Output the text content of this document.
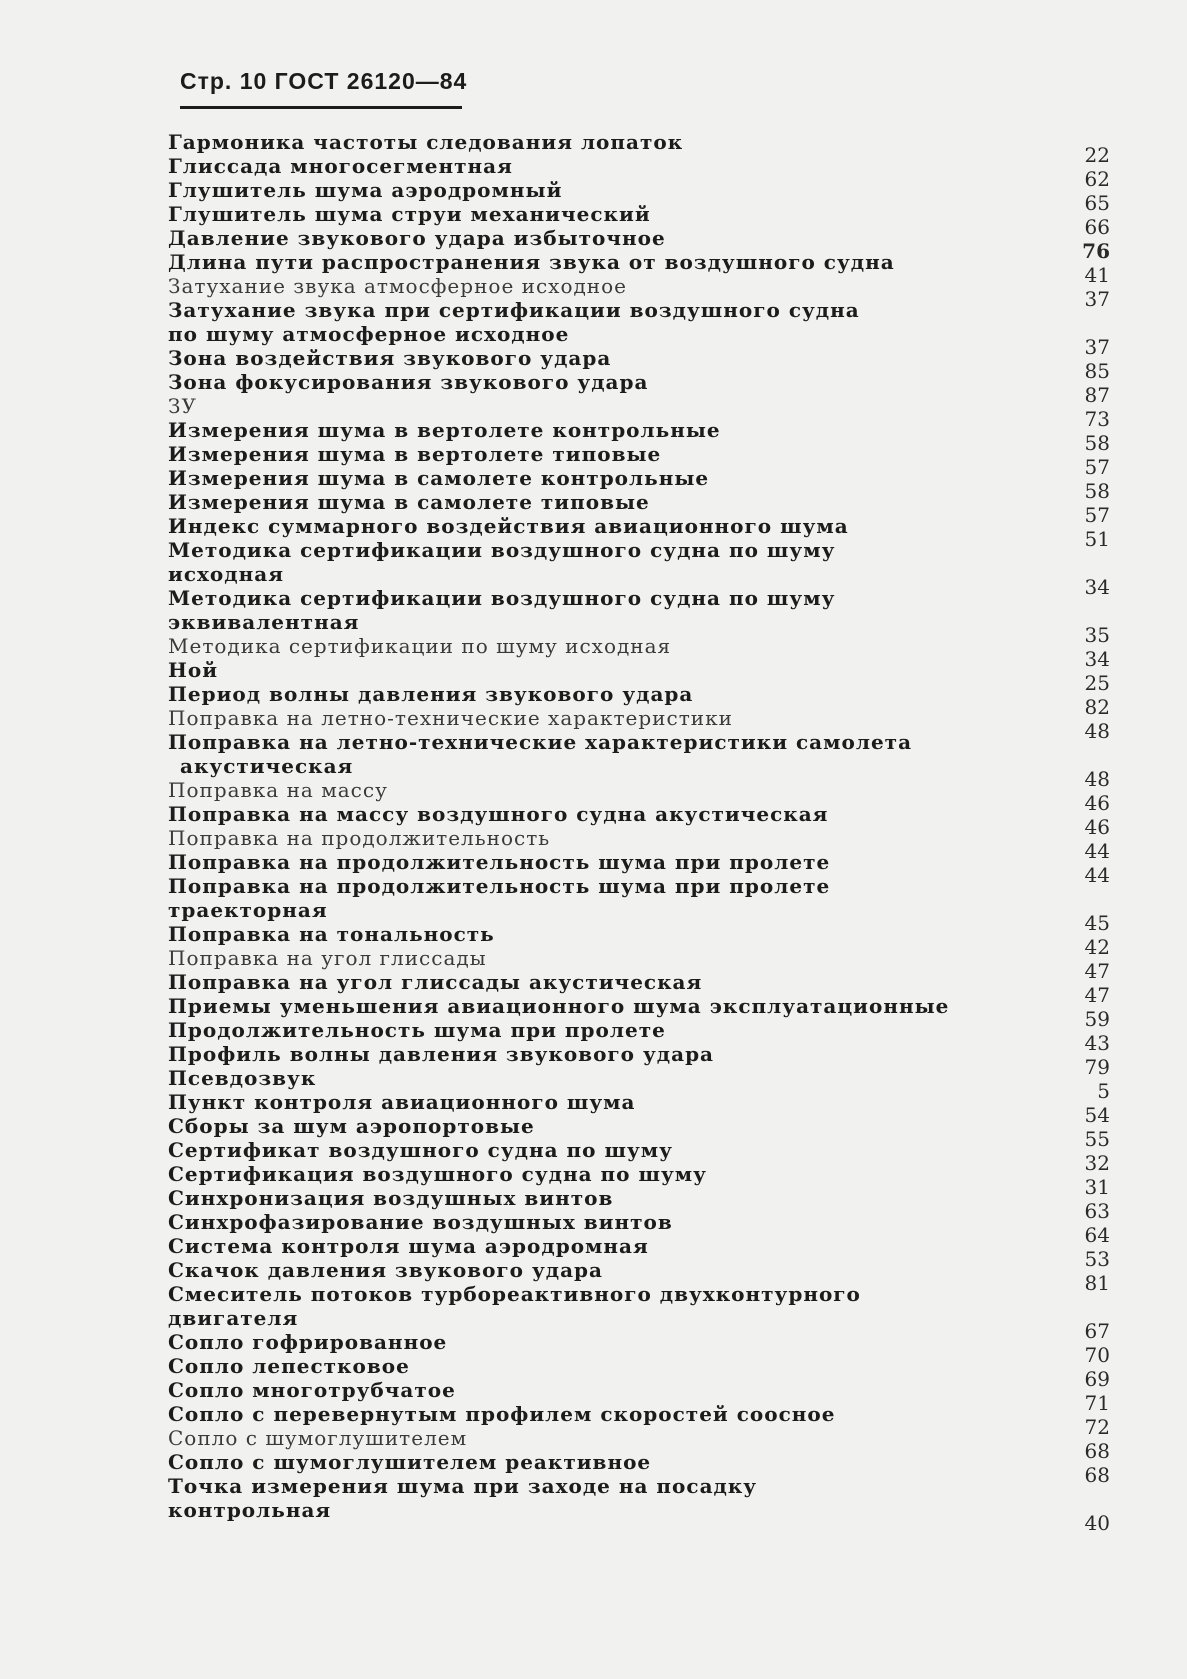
Стр. 10 ГОСТ 26120—84
Гармоника частоты следования лопаток
Глиссада многосегментная
Глушитель шума аэродромный
Глушитель шума струи механический
Давление звукового удара избыточное
Длина пути распространения звука от воздушного судна
Затухание звука атмосферное исходное
Затухание звука при сертификации воздушного судна
по шуму атмосферное исходное
Зона воздействия звукового удара
Зона фокусирования звукового удара
ЗУ
Измерения шума в вертолете контрольные
Измерения шума в вертолете типовые
Измерения шума в самолете контрольные
Измерения шума в самолете типовые
Индекс суммарного воздействия авиационного шума
Методика сертификации воздушного судна по шуму
исходная
Методика сертификации воздушного судна по шуму
эквивалентная
Методика сертификации по шуму исходная
Ной
Период волны давления звукового удара
Поправка на летно-технические характеристики
Поправка на летно-технические характеристики самолета
акустическая
Поправка на массу
Поправка на массу воздушного судна акустическая
Поправка на продолжительность
Поправка на продолжительность шума при пролете
Поправка на продолжительность шума при пролете
траекторная
Поправка на тональность
Поправка на угол глиссады
Поправка на угол глиссады акустическая
Приемы уменьшения авиационного шума эксплуатационные
Продолжительность шума при пролете
Профиль волны давления звукового удара
Псевдозвук
Пункт контроля авиационного шума
Сборы за шум аэропортовые
Сертификат воздушного судна по шуму
Сертификация воздушного судна по шуму
Синхронизация воздушных винтов
Синхрофазирование воздушных винтов
Система контроля шума аэродромная
Скачок давления звукового удара
Смеситель потоков турбореактивного двухконтурного
двигателя
Сопло гофрированное
Сопло лепестковое
Сопло многотрубчатое
Сопло с перевернутым профилем скоростей соосное
Сопло с шумоглушителем
Сопло с шумоглушителем реактивное
Точка измерения шума при заходе на посадку
контрольная
22
62
65
66
76
41
37
37
85
87
73
58
57
58
57
51
34
35
34
25
82
48
48
46
46
44
44
45
42
47
47
59
43
79
5
54
55
32
31
63
64
53
81
67
70
69
71
72
68
68
40
